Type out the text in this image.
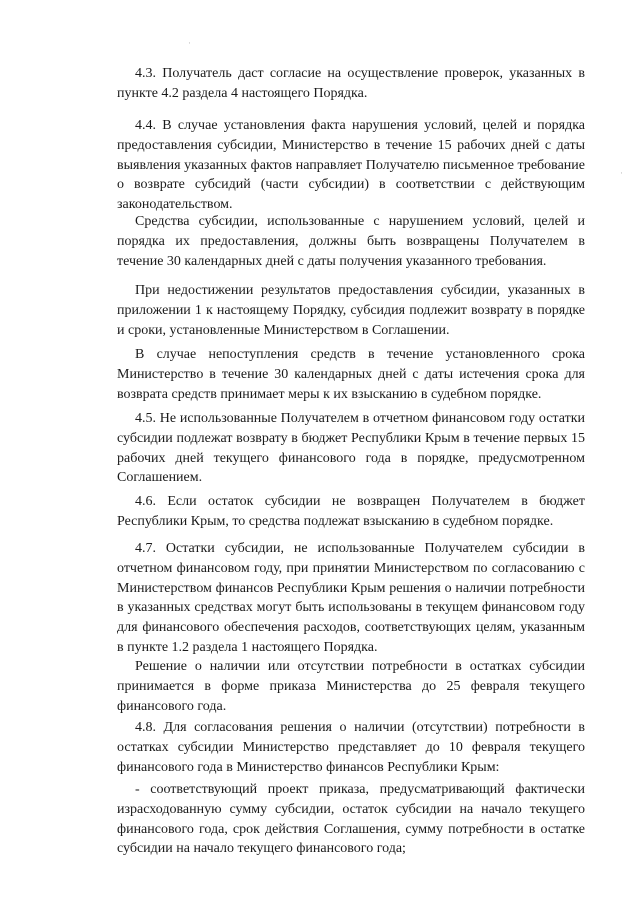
·
·

4.3. Получатель даст согласие на осуществление проверок, указанных в пункте 4.2 раздела 4 настоящего Порядка.

4.4. В случае установления факта нарушения условий, целей и порядка предоставления субсидии, Министерство в течение 15 рабочих дней с даты выявления указанных фактов направляет Получателю письменное требование о возврате субсидий (части субсидии) в соответствии с действующим законодательством.

Средства субсидии, использованные с нарушением условий, целей и порядка их предоставления, должны быть возвращены Получателем в течение 30 календарных дней с даты получения указанного требования.

При недостижении результатов предоставления субсидии, указанных в приложении 1 к настоящему Порядку, субсидия подлежит возврату в порядке и сроки, установленные Министерством в Соглашении.

В случае непоступления средств в течение установленного срока Министерство в течение 30 календарных дней с даты истечения срока для возврата средств принимает меры к их взысканию в судебном порядке.

4.5. Не использованные Получателем в отчетном финансовом году остатки субсидии подлежат возврату в бюджет Республики Крым в течение первых 15 рабочих дней текущего финансового года в порядке, предусмотренном Соглашением.

4.6. Если остаток субсидии не возвращен Получателем в бюджет Республики Крым, то средства подлежат взысканию в судебном порядке.

4.7. Остатки субсидии, не использованные Получателем субсидии в отчетном финансовом году, при принятии Министерством по согласованию с Министерством финансов Республики Крым решения о наличии потребности в указанных средствах могут быть использованы в текущем финансовом году для финансового обеспечения расходов, соответствующих целям, указанным в пункте 1.2 раздела 1 настоящего Порядка.

Решение о наличии или отсутствии потребности в остатках субсидии принимается в форме приказа Министерства до 25 февраля текущего финансового года.

4.8. Для согласования решения о наличии (отсутствии) потребности в остатках субсидии Министерство представляет до 10 февраля текущего финансового года в Министерство финансов Республики Крым:

- соответствующий проект приказа, предусматривающий фактически израсходованную сумму субсидии, остаток субсидии на начало текущего финансового года, срок действия Соглашения, сумму потребности в остатке субсидии на начало текущего финансового года;
